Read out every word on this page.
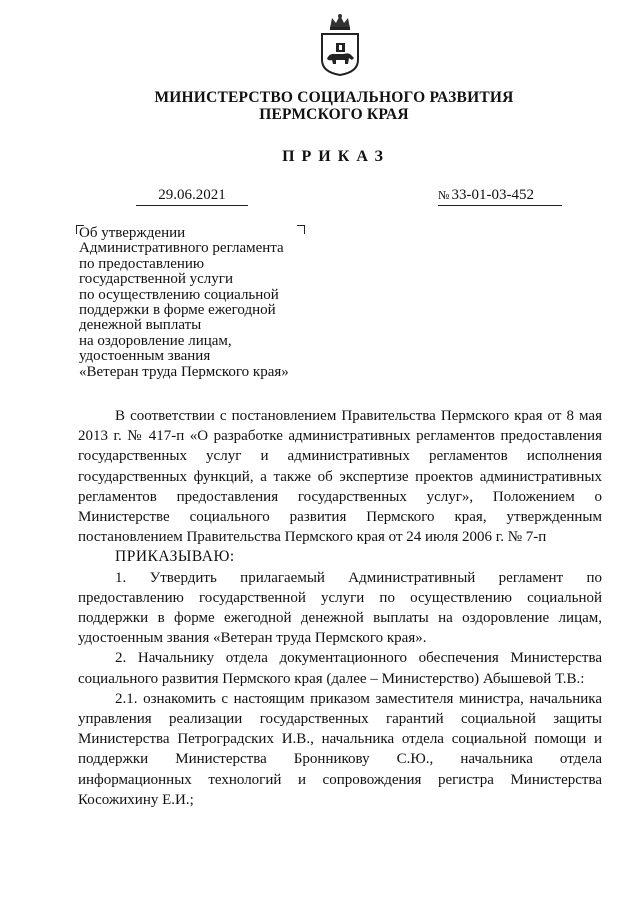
МИНИСТЕРСТВО СОЦИАЛЬНОГО РАЗВИТИЯ
ПЕРМСКОГО КРАЯ
ПРИКАЗ
29.06.2021	№ 33-01-03-452
Об утверждении
Административного регламента
по предоставлению
государственной услуги
по осуществлению социальной
поддержки в форме ежегодной
денежной выплаты
на оздоровление лицам,
удостоенным звания
«Ветеран труда Пермского края»

В соответствии с постановлением Правительства Пермского края от 8 мая 2013 г. № 417-п «О разработке административных регламентов предоставления государственных услуг и административных регламентов исполнения государственных функций, а также об экспертизе проектов административных регламентов предоставления государственных услуг», Положением о Министерстве социального развития Пермского края, утвержденным постановлением Правительства Пермского края от 24 июля 2006 г. № 7-п

ПРИКАЗЫВАЮ:

1. Утвердить прилагаемый Административный регламент по предоставлению государственной услуги по осуществлению социальной поддержки в форме ежегодной денежной выплаты на оздоровление лицам, удостоенным звания «Ветеран труда Пермского края».

2. Начальнику отдела документационного обеспечения Министерства социального развития Пермского края (далее – Министерство) Абышевой Т.В.:

2.1. ознакомить с настоящим приказом заместителя министра, начальника управления реализации государственных гарантий социальной защиты Министерства Петроградских И.В., начальника отдела социальной помощи и поддержки Министерства Бронникову С.Ю., начальника отдела информационных технологий и сопровождения регистра Министерства Косожихину Е.И.;
